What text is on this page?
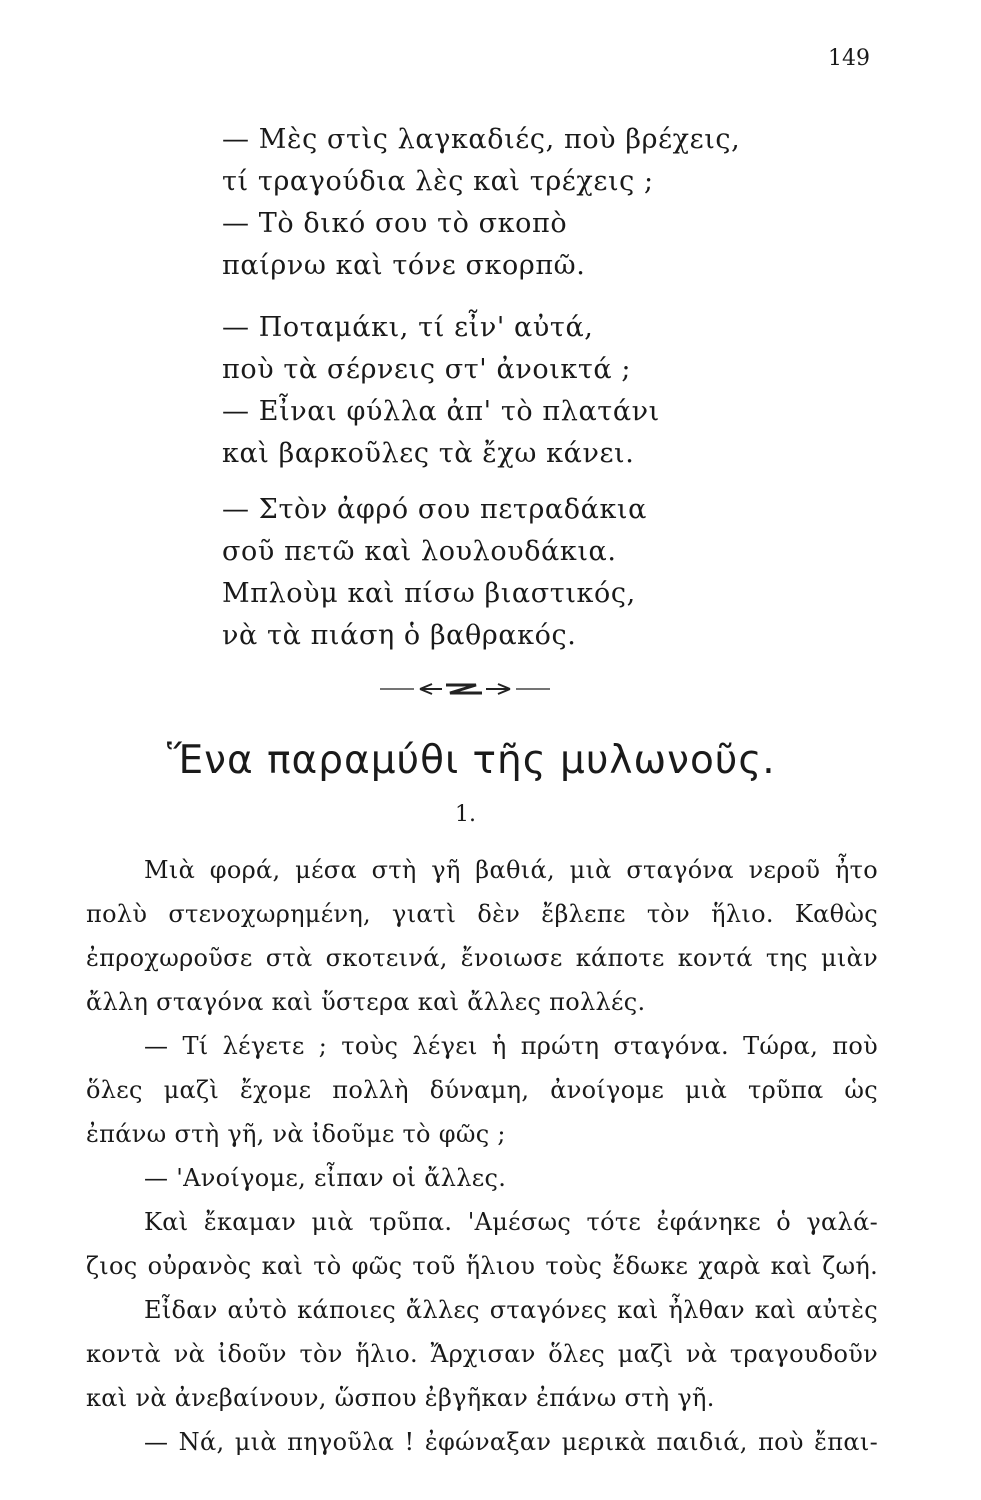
149
— Μὲς στὶς λαγκαδιές, ποὺ βρέχεις,
τί τραγούδια λὲς καὶ τρέχεις ;
— Τὸ δικό σου τὸ σκοπὸ
παίρνω καὶ τόνε σκορπῶ.
— Ποταμάκι, τί εἶν' αὐτά,
ποὺ τὰ σέρνεις στ' ἀνοικτά ;
— Εἶναι φύλλα ἀπ' τὸ πλατάνι
καὶ βαρκοῦλες τὰ ἔχω κάνει.
— Στὸν ἀφρό σου πετραδάκια
σοῦ πετῶ καὶ λουλουδάκια.
Μπλοὺμ καὶ πίσω βιαστικός,
νὰ τὰ πιάση ὁ βαθρακός.
Ἕνα παραμύθι τῆς μυλωνοῦς.
1.
Μιὰ φορά, μέσα στὴ γῆ βαθιά, μιὰ σταγόνα νεροῦ ἦτο
πολὺ στενοχωρημένη, γιατὶ δὲν ἔβλεπε τὸν ἥλιο. Καθὼς
ἐπροχωροῦσε στὰ σκοτεινά, ἔνοιωσε κάποτε κοντά της μιὰν
ἄλλη σταγόνα καὶ ὕστερα καὶ ἄλλες πολλές.
— Τί λέγετε ; τοὺς λέγει ἡ πρώτη σταγόνα. Τώρα, ποὺ
ὅλες μαζὶ ἔχομε πολλὴ δύναμη, ἀνοίγομε μιὰ τρῦπα ὡς
ἐπάνω στὴ γῆ, νὰ ἰδοῦμε τὸ φῶς ;
— 'Ανοίγομε, εἶπαν οἱ ἄλλες.
Καὶ ἔκαμαν μιὰ τρῦπα. 'Αμέσως τότε ἐφάνηκε ὁ γαλά-
ζιος οὐρανὸς καὶ τὸ φῶς τοῦ ἥλιου τοὺς ἔδωκε χαρὰ καὶ ζωή.
Εἶδαν αὐτὸ κάποιες ἄλλες σταγόνες καὶ ἦλθαν καὶ αὐτὲς
κοντὰ νὰ ἰδοῦν τὸν ἥλιο. Ἄρχισαν ὅλες μαζὶ νὰ τραγουδοῦν
καὶ νὰ ἀνεβαίνουν, ὥσπου ἐβγῆκαν ἐπάνω στὴ γῆ.
— Νά, μιὰ πηγοῦλα ! ἐφώναξαν μερικὰ παιδιά, ποὺ ἔπαι-
